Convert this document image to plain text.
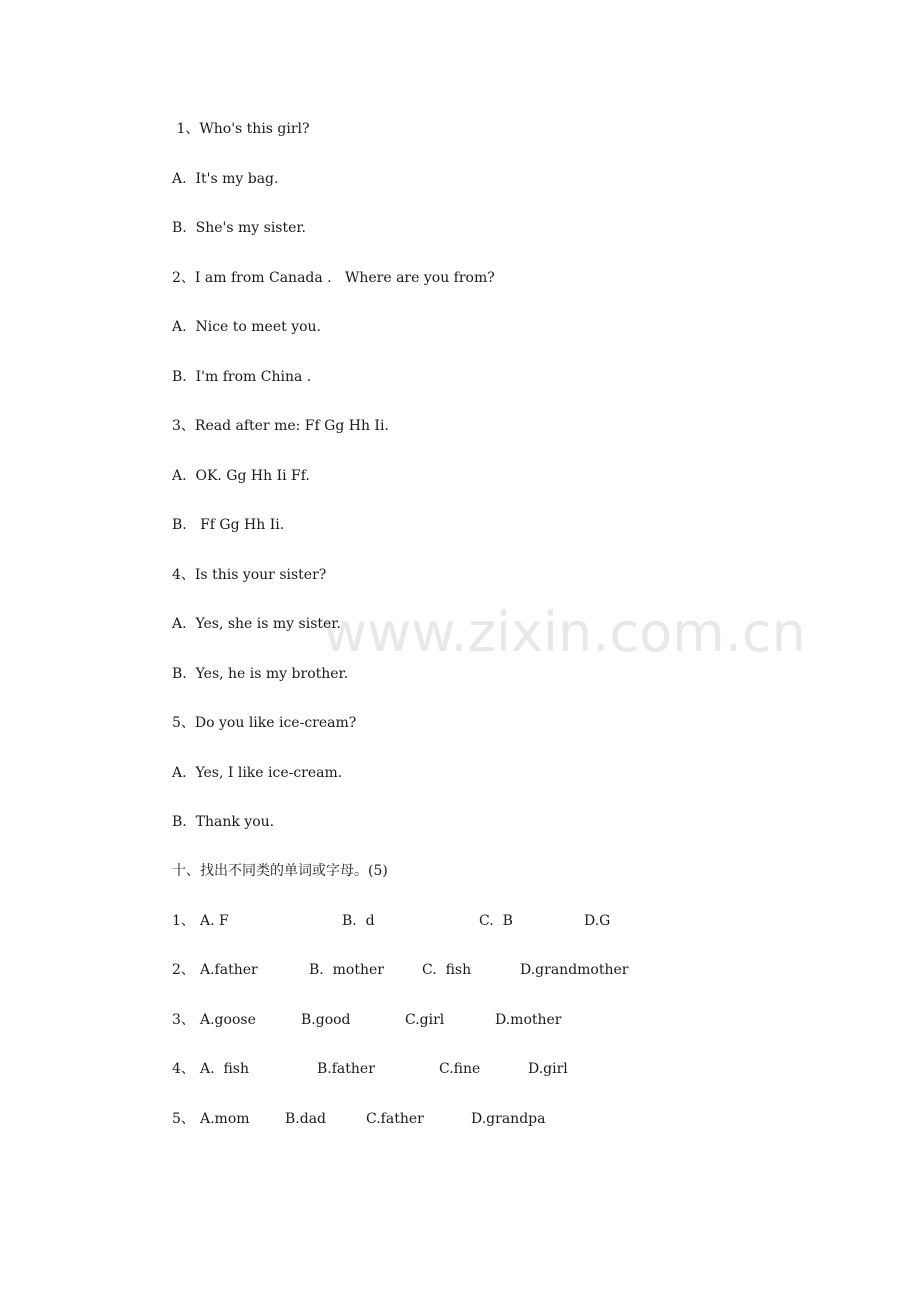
www.zixin.com.cn
1、Who's this girl?
A.  It's my bag.
B.  She's my sister.
2、I am from Canada .   Where are you from?
A.  Nice to meet you.
B.  I'm from China .
3、Read after me: Ff Gg Hh Ii.
A.  OK. Gg Hh Ii Ff.
B.   Ff Gg Hh Ii.
4、Is this your sister?
A.  Yes, she is my sister.
B.  Yes, he is my brother.
5、Do you like ice-cream?
A.  Yes, I like ice-cream.
B.  Thank you.
十、找出不同类的单词或字母。(5)
1、 A. F	B.  d	C.  B	D.G
2、 A.father	B.  mother	C.  fish	D.grandmother
3、 A.goose	B.good	C.girl	D.mother
4、 A.  fish	B.father	C.fine	D.girl
5、 A.mom	B.dad	C.father	D.grandpa
